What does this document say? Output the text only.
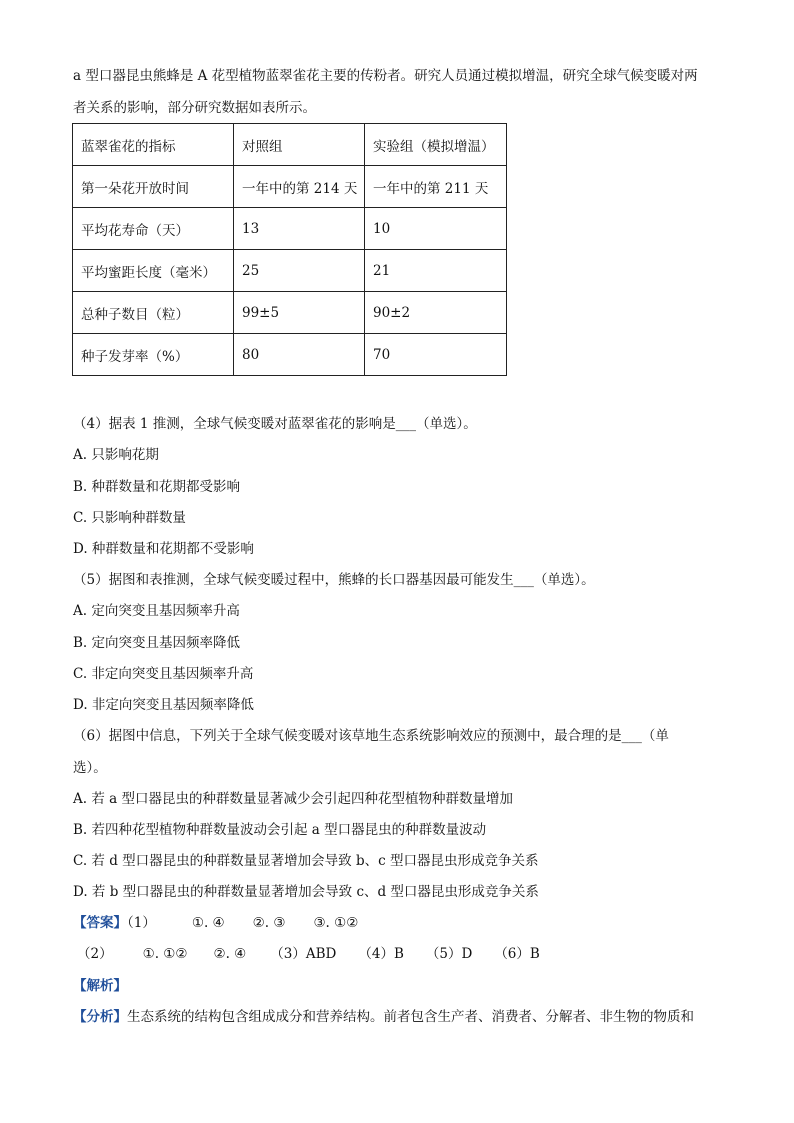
a 型口器昆虫熊蜂是 A 花型植物蓝翠雀花主要的传粉者。研究人员通过模拟增温，研究全球气候变暖对两
者关系的影响，部分研究数据如表所示。
蓝翠雀花的指标	对照组	实验组（模拟增温）
第一朵花开放时间	一年中的第 214 天	一年中的第 211 天
平均花寿命（天）	13	10
平均蜜距长度（毫米）	25	21
总种子数目（粒）	99±5	90±2
种子发芽率（%）	80	70
（4）据表 1 推测，全球气候变暖对蓝翠雀花的影响是___（单选）。
A. 只影响花期
B. 种群数量和花期都受影响
C. 只影响种群数量
D. 种群数量和花期都不受影响
（5）据图和表推测，全球气候变暖过程中，熊蜂的长口器基因最可能发生___（单选）。
A. 定向突变且基因频率升高
B. 定向突变且基因频率降低
C. 非定向突变且基因频率升高
D. 非定向突变且基因频率降低
（6）据图中信息，下列关于全球气候变暖对该草地生态系统影响效应的预测中，最合理的是___（单
选）。
A. 若 a 型口器昆虫的种群数量显著减少会引起四种花型植物种群数量增加
B. 若四种花型植物种群数量波动会引起 a 型口器昆虫的种群数量波动
C. 若 d 型口器昆虫的种群数量显著增加会导致 b、c 型口器昆虫形成竞争关系
D. 若 b 型口器昆虫的种群数量显著增加会导致 c、d 型口器昆虫形成竞争关系
【答案】（1）	①. ④ ②. ③ ③. ①②
（2） ①. ①② ②. ④ （3）ABD （4）B （5）D （6）B
【解析】
【分析】生态系统的结构包含组成成分和营养结构。前者包含生产者、消费者、分解者、非生物的物质和
